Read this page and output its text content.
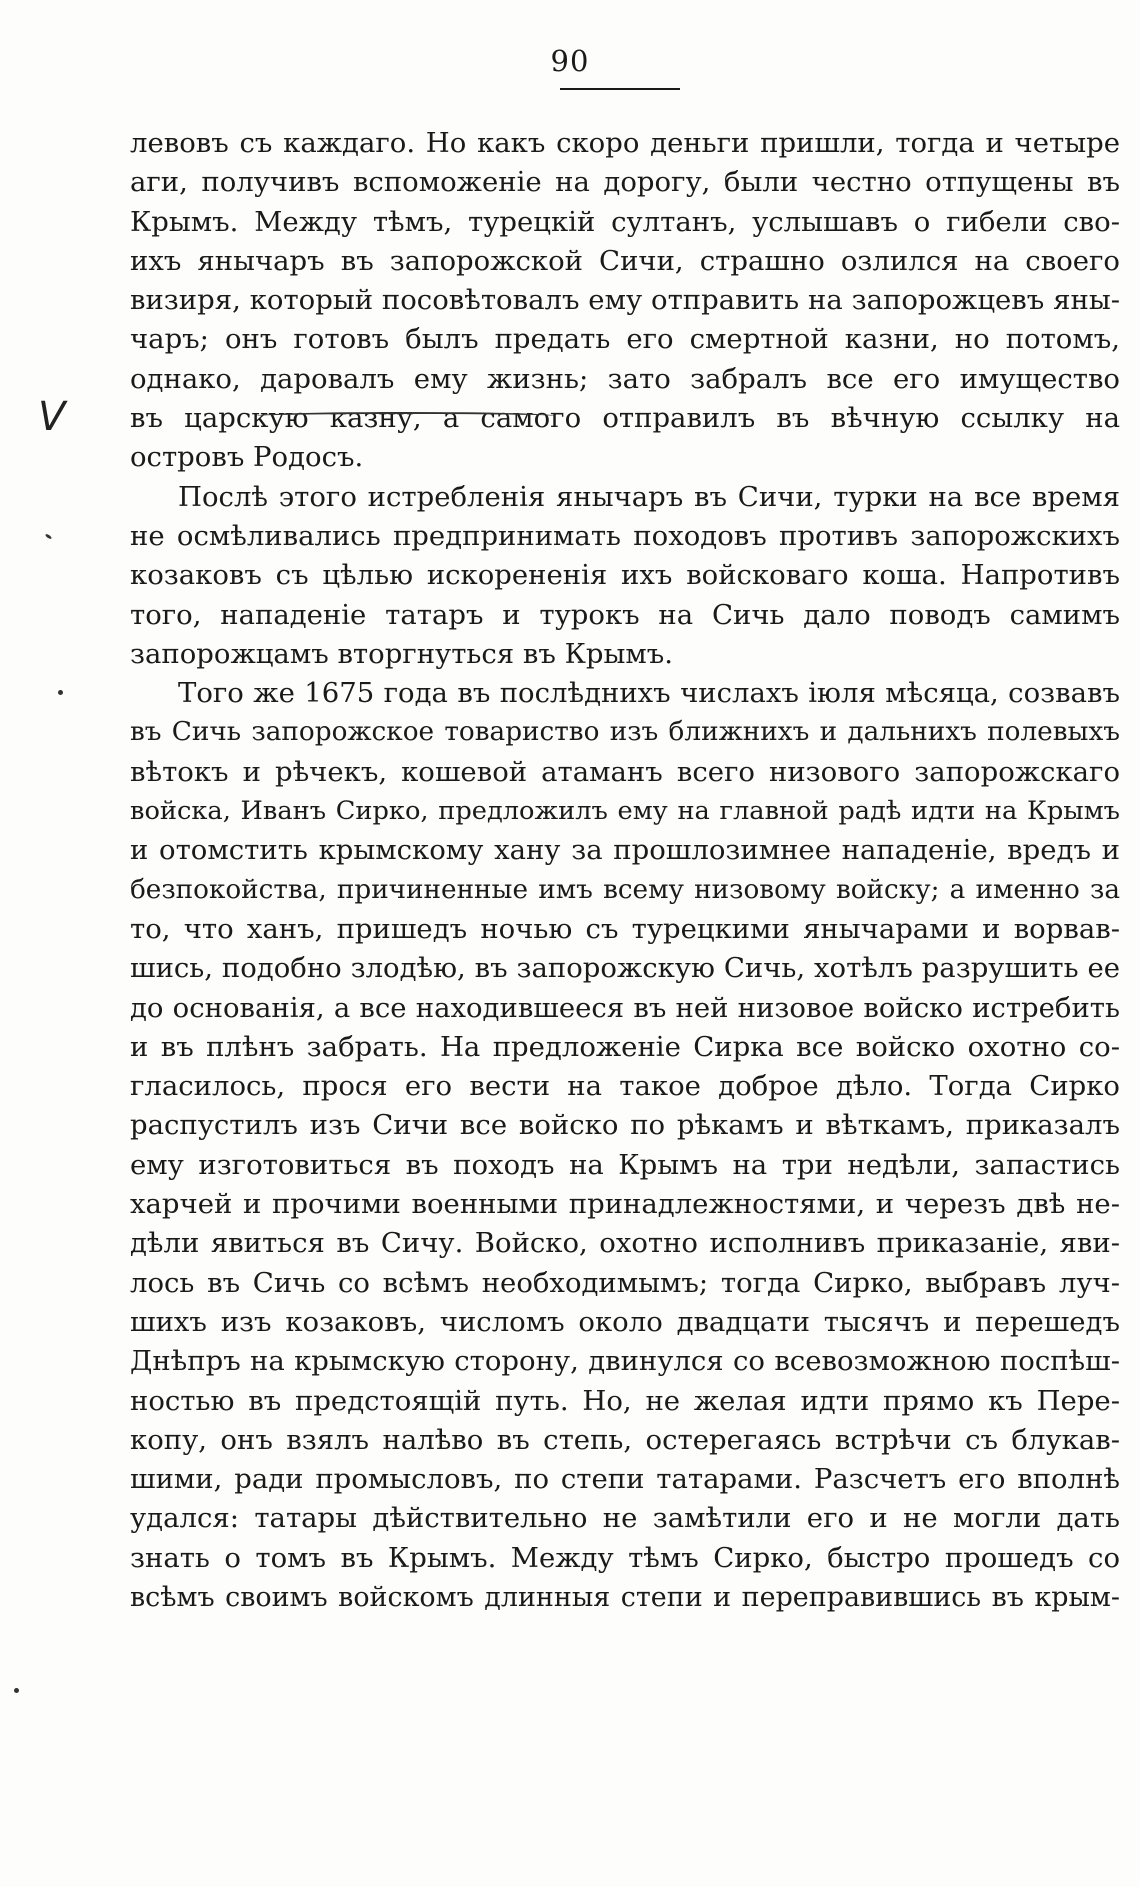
90
V
левовъ съ каждаго. Но какъ скоро деньги пришли, тогда и четыре
аги, получивъ вспоможеніе на дорогу, были честно отпущены въ
Крымъ. Между тѣмъ, турецкій султанъ, услышавъ о гибели сво-
ихъ янычаръ въ запорожской Сичи, страшно озлился на своего
визиря, который посовѣтовалъ ему отправить на запорожцевъ яны-
чаръ; онъ готовъ былъ предать его смертной казни, но потомъ,
однако, даровалъ ему жизнь; зато забралъ все его имущество
въ царскую казну, а самого отправилъ въ вѣчную ссылку на
островъ Родосъ.
Послѣ этого истребленія янычаръ въ Сичи, турки на все время
не осмѣливались предпринимать походовъ противъ запорожскихъ
козаковъ съ цѣлью искорененія ихъ войсковаго коша. Напротивъ
того, нападеніе татаръ и турокъ на Сичь дало поводъ самимъ
запорожцамъ вторгнуться въ Крымъ.
Того же 1675 года въ послѣднихъ числахъ іюля мѣсяца, созвавъ
въ Сичь запорожское товариство изъ ближнихъ и дальнихъ полевыхъ
вѣтокъ и рѣчекъ, кошевой атаманъ всего низового запорожскаго
войска, Иванъ Сирко, предложилъ ему на главной радѣ идти на Крымъ
и отомстить крымскому хану за прошлозимнее нападеніе, вредъ и
безпокойства, причиненные имъ всему низовому войску; а именно за
то, что ханъ, пришедъ ночью съ турецкими янычарами и ворвав-
шись, подобно злодѣю, въ запорожскую Сичь, хотѣлъ разрушить ее
до основанія, а все находившееся въ ней низовое войско истребить
и въ плѣнъ забрать. На предложеніе Сирка все войско охотно со-
гласилось, прося его вести на такое доброе дѣло. Тогда Сирко
распустилъ изъ Сичи все войско по рѣкамъ и вѣткамъ, приказалъ
ему изготовиться въ походъ на Крымъ на три недѣли, запастись
харчей и прочими военными принадлежностями, и черезъ двѣ не-
дѣли явиться въ Сичу. Войско, охотно исполнивъ приказаніе, яви-
лось въ Сичь со всѣмъ необходимымъ; тогда Сирко, выбравъ луч-
шихъ изъ козаковъ, числомъ около двадцати тысячъ и перешедъ
Днѣпръ на крымскую сторону, двинулся со всевозможною поспѣш-
ностью въ предстоящій путь. Но, не желая идти прямо къ Пере-
копу, онъ взялъ налѣво въ степь, остерегаясь встрѣчи съ блукав-
шими, ради промысловъ, по степи татарами. Разсчетъ его вполнѣ
удался: татары дѣйствительно не замѣтили его и не могли дать
знать о томъ въ Крымъ. Между тѣмъ Сирко, быстро прошедъ со
всѣмъ своимъ войскомъ длинныя степи и переправившись въ крым-
